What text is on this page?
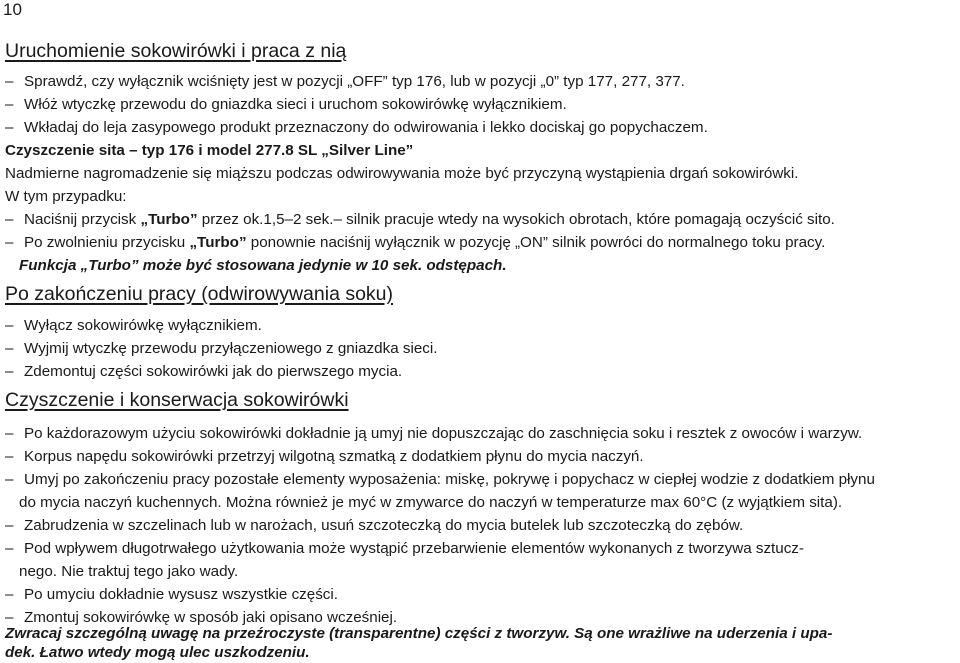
10
Uruchomienie sokowirówki i praca z nią
– Sprawdź, czy wyłącznik wciśnięty jest w pozycji „OFF” typ 176, lub w pozycji „0” typ 177, 277, 377.
– Włóż wtyczkę przewodu do gniazdka sieci i uruchom sokowirówkę wyłącznikiem.
– Wkładaj do leja zasypowego produkt przeznaczony do odwirowania i lekko dociskaj go popychaczem.
Czyszczenie sita – typ 176 i model 277.8 SL „Silver Line”
Nadmierne nagromadzenie się miąższu podczas odwirowywania może być przyczyną wystąpienia drgań sokowirówki.
W tym przypadku:
– Naciśnij przycisk „Turbo” przez ok.1,5–2 sek.– silnik pracuje wtedy na wysokich obrotach, które pomagają oczyścić sito.
– Po zwolnieniu przycisku „Turbo” ponownie naciśnij wyłącznik w pozycję „ON” silnik powróci do normalnego toku pracy.
Funkcja „Turbo” może być stosowana jedynie w 10 sek. odstępach.
Po zakończeniu pracy (odwirowywania soku)
– Wyłącz sokowirówkę wyłącznikiem.
– Wyjmij wtyczkę przewodu przyłączeniowego z gniazdka sieci.
– Zdemontuj części sokowirówki jak do pierwszego mycia.
Czyszczenie i konserwacja sokowirówki
– Po każdorazowym użyciu sokowirówki dokładnie ją umyj nie dopuszczając do zaschnięcia soku i resztek z owoców i warzyw.
– Korpus napędu sokowirówki przetrzyj wilgotną szmatką z dodatkiem płynu do mycia naczyń.
– Umyj po zakończeniu pracy pozostałe elementy wyposażenia: miskę, pokrywę i popychacz w ciepłej wodzie z dodatkiem płynu
do mycia naczyń kuchennych. Można również je myć w zmywarce do naczyń w temperaturze max 60°C (z wyjątkiem sita).
– Zabrudzenia w szczelinach lub w narożach, usuń szczoteczką do mycia butelek lub szczoteczką do zębów.
– Pod wpływem długotrwałego użytkowania może wystąpić przebarwienie elementów wykonanych z tworzywa sztucz-
nego. Nie traktuj tego jako wady.
– Po umyciu dokładnie wysusz wszystkie części.
– Zmontuj sokowirówkę w sposób jaki opisano wcześniej.
Zwracaj szczególną uwagę na przeźroczyste (transparentne) części z tworzyw. Są one wrażliwe na uderzenia i upa-
dek. Łatwo wtedy mogą ulec uszkodzeniu.
